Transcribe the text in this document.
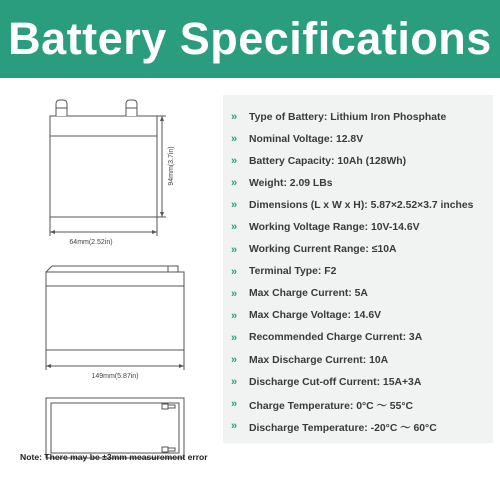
Battery Specifications
94mm(3.7in)
64mm(2.52in)
149mm(5.87in)
»	Type of Battery: Lithium Iron Phosphate
»	Nominal Voltage: 12.8V
»	Battery Capacity: 10Ah (128Wh)
»	Weight: 2.09 LBs
»	Dimensions (L x W x H): 5.87×2.52×3.7 inches
»	Working Voltage Range: 10V-14.6V
»	Working Current Range: ≤10A
»	Terminal Type: F2
»	Max Charge Current: 5A
»	Max Charge Voltage: 14.6V
»	Recommended Charge Current: 3A
»	Max Discharge Current: 10A
»	Discharge Cut-off Current: 15A+3A
»	Charge Temperature: 0°C ～ 55°C
»	Discharge Temperature: -20°C ～ 60°C
Note: There may be ±3mm measurement error
